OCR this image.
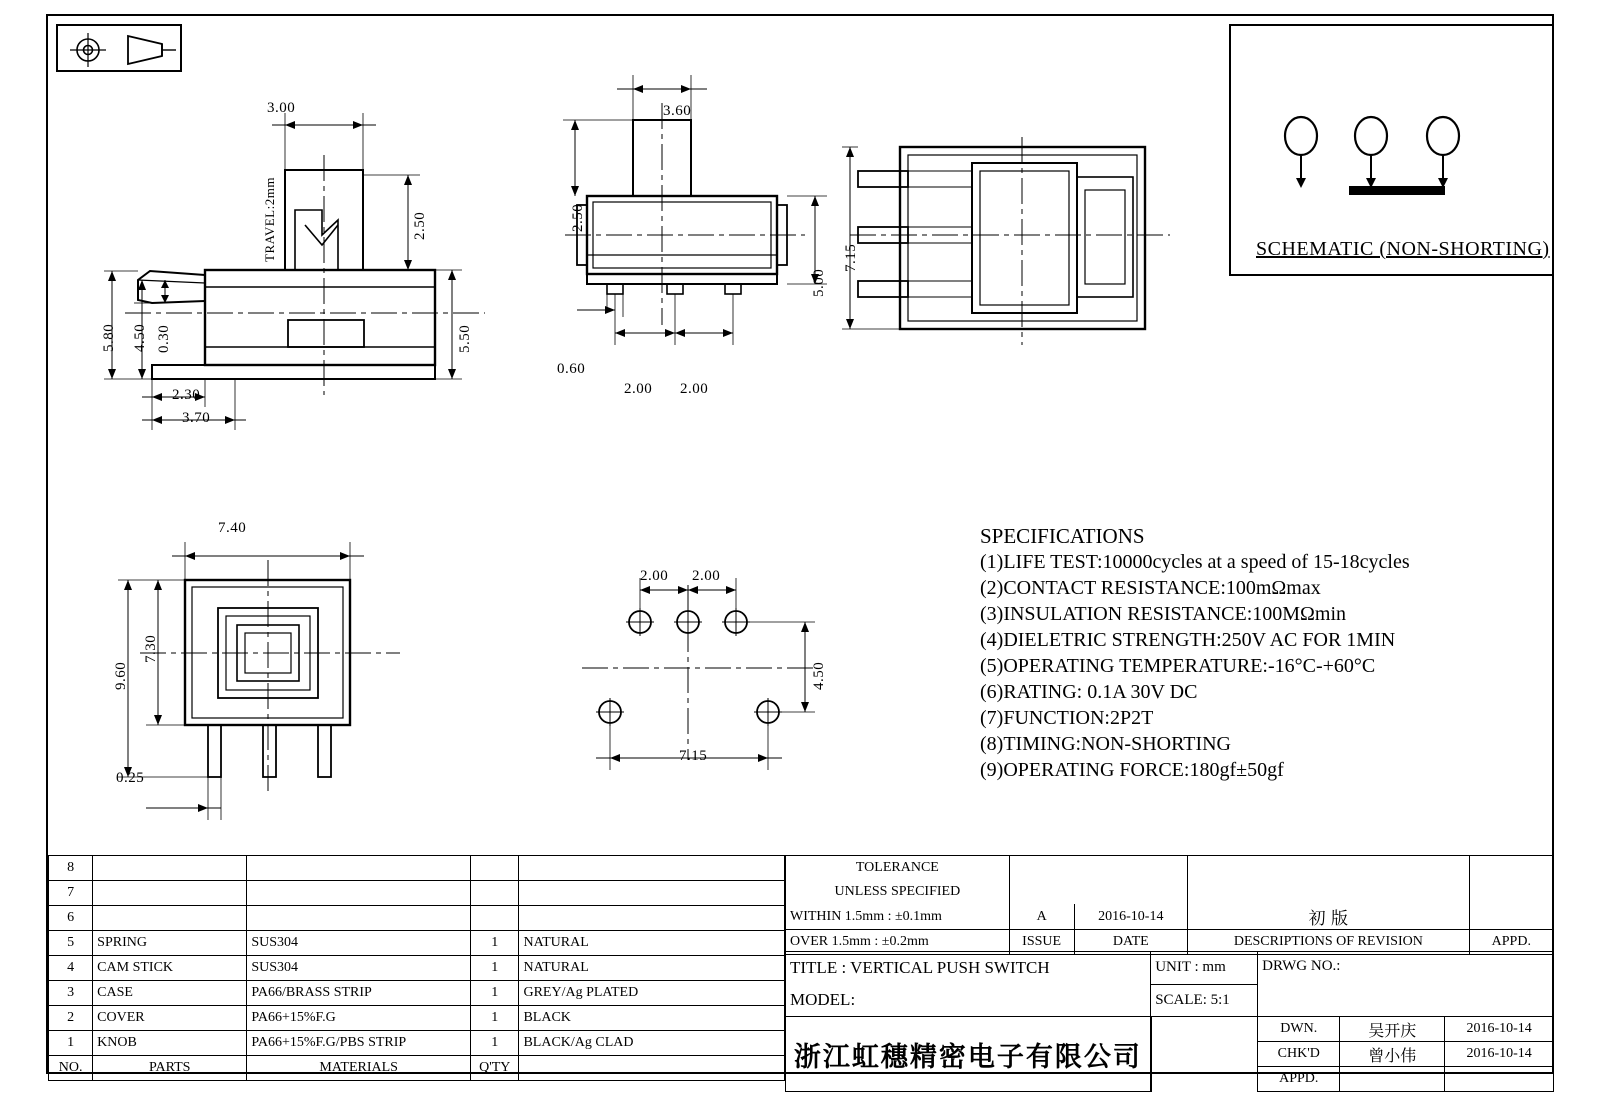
SCHEMATIC (NON-SHORTING)
3.00
2.50
5.50
5.80 4.50 0.30
2.30
3.70
TRAVEL:2mm
3.60
2.50
5.00
0.60
2.00 2.00
7.15
7.40
7.30
9.60
0.25
2.00 2.00
4.50
7.15
SPECIFICATIONS
(1)LIFE TEST:10000cycles at a speed of 15-18cycles
(2)CONTACT RESISTANCE:100mΩmax
(3)INSULATION RESISTANCE:100MΩmin
(4)DIELETRIC STRENGTH:250V AC FOR 1MIN
(5)OPERATING TEMPERATURE:-16°C-+60°C
(6)RATING: 0.1A 30V DC
(7)FUNCTION:2P2T
(8)TIMING:NON-SHORTING
(9)OPERATING FORCE:180gf±50gf
8				
7				
6				
5	SPRING	SUS304	1	NATURAL
4	CAM STICK	SUS304	1	NATURAL
3	CASE	PA66/BRASS STRIP	1	GREY/Ag PLATED
2	COVER	PA66+15%F.G	1	BLACK
1	KNOB	PA66+15%F.G/PBS STRIP	1	BLACK/Ag CLAD
NO.	PARTS	MATERIALS	Q'TY	
TOLERANCE				
UNLESS SPECIFIED				
WITHIN 1.5mm : ±0.1mm	A	2016-10-14	初 版	
OVER 1.5mm : ±0.2mm	ISSUE	DATE	DESCRIPTIONS OF REVISION	APPD.
TITLE : VERTICAL PUSH SWITCH	UNIT : mm	DRWG NO.:		
MODEL:	SCALE: 5:1			
浙江虹穗精密电子有限公司		DWN.	吴开庆	2016-10-14
		CHK'D	曾小伟	2016-10-14
		APPD.		
